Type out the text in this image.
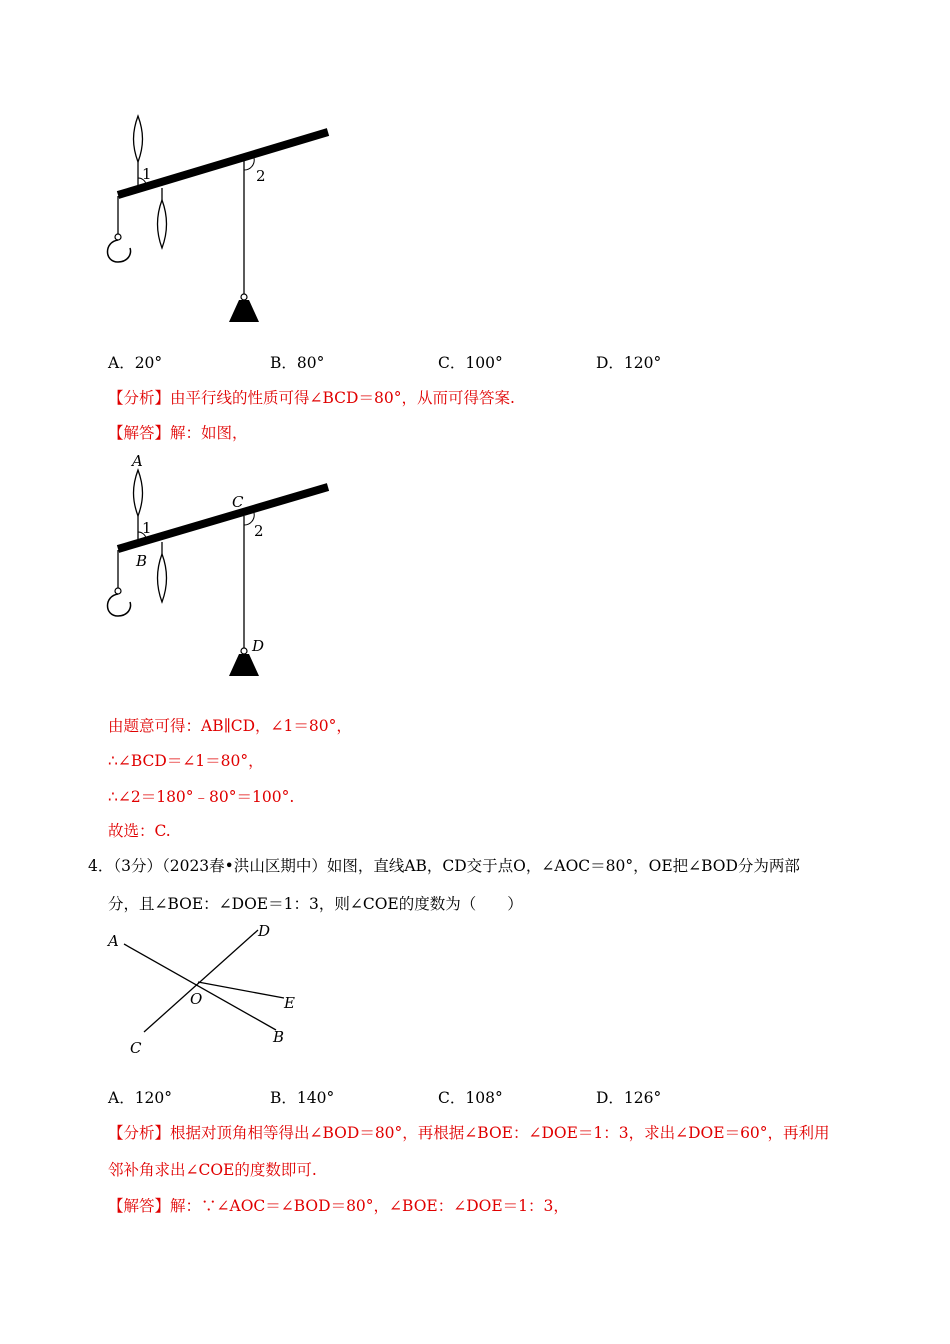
1	2
A．20°	B．80°	C．100°	D．120°
【分析】由平行线的性质可得∠BCD＝80°，从而可得答案.
【解答】解：如图，
A
B
C
D
1	2
由题意可得：AB∥CD，∠1＝80°，
∴∠BCD＝∠1＝80°，
∴∠2＝180°﹣80°＝100°.
故选：C.
4．（3分）（2023春•洪山区期中）如图，直线AB，CD交于点O，∠AOC＝80°，OE把∠BOD分为两部
分，且∠BOE：∠DOE＝1：3，则∠COE的度数为（　　）
A
D
O	E
B
C
A．120°	B．140°	C．108°	D．126°
【分析】根据对顶角相等得出∠BOD＝80°，再根据∠BOE：∠DOE＝1：3，求出∠DOE＝60°，再利用
邻补角求出∠COE的度数即可.
【解答】解：∵∠AOC＝∠BOD＝80°，∠BOE：∠DOE＝1：3，
